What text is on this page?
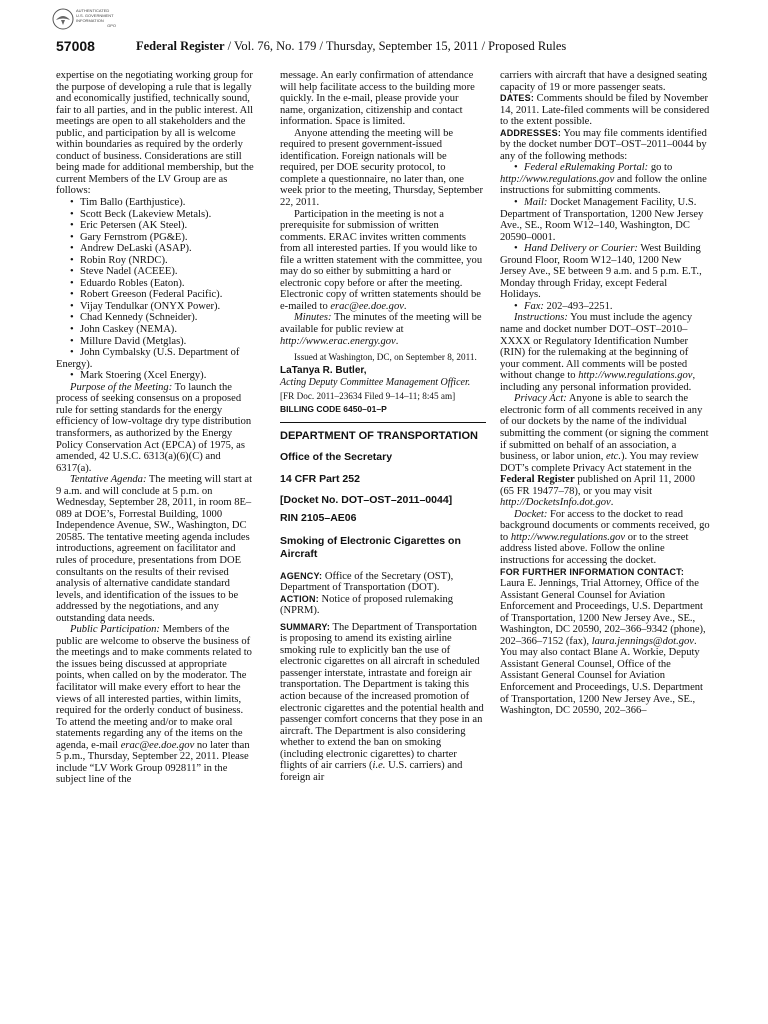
AUTHENTICATED
U.S. GOVERNMENT
INFORMATION
GPO
57008	Federal Register / Vol. 76, No. 179 / Thursday, September 15, 2011 / Proposed Rules

expertise on the negotiating working group for the purpose of developing a rule that is legally and economically justified, technically sound, fair to all parties, and in the public interest. All meetings are open to all stakeholders and the public, and participation by all is welcome within boundaries as required by the orderly conduct of business. Considerations are still being made for additional membership, but the current Members of the LV Group are as follows:

• Tim Ballo (Earthjustice).

• Scott Beck (Lakeview Metals).

• Eric Petersen (AK Steel).

• Gary Fernstrom (PG&E).

• Andrew DeLaski (ASAP).

• Robin Roy (NRDC).

• Steve Nadel (ACEEE).

• Eduardo Robles (Eaton).

• Robert Greeson (Federal Pacific).

• Vijay Tendulkar (ONYX Power).

• Chad Kennedy (Schneider).

• John Caskey (NEMA).

• Millure David (Metglas).

• John Cymbalsky (U.S. Department of Energy).

• Mark Stoering (Xcel Energy).

Purpose of the Meeting: To launch the process of seeking consensus on a proposed rule for setting standards for the energy efficiency of low-voltage dry type distribution transformers, as authorized by the Energy Policy Conservation Act (EPCA) of 1975, as amended, 42 U.S.C. 6313(a)(6)(C) and 6317(a).

Tentative Agenda: The meeting will start at 9 a.m. and will conclude at 5 p.m. on Wednesday, September 28, 2011, in room 8E–089 at DOE’s, Forrestal Building, 1000 Independence Avenue, SW., Washington, DC 20585. The tentative meeting agenda includes introductions, agreement on facilitator and rules of procedure, presentations from DOE consultants on the results of their revised analysis of alternative candidate standard levels, and identification of the issues to be addressed by the negotiations, and any outstanding data needs.

Public Participation: Members of the public are welcome to observe the business of the meetings and to make comments related to the issues being discussed at appropriate points, when called on by the moderator. The facilitator will make every effort to hear the views of all interested parties, within limits, required for the orderly conduct of business. To attend the meeting and/or to make oral statements regarding any of the items on the agenda, e-mail erac@ee.doe.gov no later than 5 p.m., Thursday, September 22, 2011. Please include “LV Work Group 092811” in the subject line of the

message. An early confirmation of attendance will help facilitate access to the building more quickly. In the e-mail, please provide your name, organization, citizenship and contact information. Space is limited.

Anyone attending the meeting will be required to present government-issued identification. Foreign nationals will be required, per DOE security protocol, to complete a questionnaire, no later than, one week prior to the meeting, Thursday, September 22, 2011.

Participation in the meeting is not a prerequisite for submission of written comments. ERAC invites written comments from all interested parties. If you would like to file a written statement with the committee, you may do so either by submitting a hard or electronic copy before or after the meeting. Electronic copy of written statements should be e-mailed to erac@ee.doe.gov.

Minutes: The minutes of the meeting will be available for public review at http://www.erac.energy.gov.

Issued at Washington, DC, on September 8, 2011.

LaTanya R. Butler,

Acting Deputy Committee Management Officer.

[FR Doc. 2011–23634 Filed 9–14–11; 8:45 am]

BILLING CODE 6450–01–P

DEPARTMENT OF TRANSPORTATION

Office of the Secretary

14 CFR Part 252

[Docket No. DOT–OST–2011–0044]

RIN 2105–AE06

Smoking of Electronic Cigarettes on Aircraft

AGENCY: Office of the Secretary (OST), Department of Transportation (DOT).

ACTION: Notice of proposed rulemaking (NPRM).

SUMMARY: The Department of Transportation is proposing to amend its existing airline smoking rule to explicitly ban the use of electronic cigarettes on all aircraft in scheduled passenger interstate, intrastate and foreign air transportation. The Department is taking this action because of the increased promotion of electronic cigarettes and the potential health and passenger comfort concerns that they pose in an aircraft. The Department is also considering whether to extend the ban on smoking (including electronic cigarettes) to charter flights of air carriers (i.e. U.S. carriers) and foreign air

carriers with aircraft that have a designed seating capacity of 19 or more passenger seats.

DATES: Comments should be filed by November 14, 2011. Late-filed comments will be considered to the extent possible.

ADDRESSES: You may file comments identified by the docket number DOT–OST–2011–0044 by any of the following methods:

• Federal eRulemaking Portal: go to http://www.regulations.gov and follow the online instructions for submitting comments.

• Mail: Docket Management Facility, U.S. Department of Transportation, 1200 New Jersey Ave., SE., Room W12–140, Washington, DC 20590–0001.

• Hand Delivery or Courier: West Building Ground Floor, Room W12–140, 1200 New Jersey Ave., SE between 9 a.m. and 5 p.m. E.T., Monday through Friday, except Federal Holidays.

• Fax: 202–493–2251.

Instructions: You must include the agency name and docket number DOT–OST–2010–XXXX or Regulatory Identification Number (RIN) for the rulemaking at the beginning of your comment. All comments will be posted without change to http://www.regulations.gov, including any personal information provided.

Privacy Act: Anyone is able to search the electronic form of all comments received in any of our dockets by the name of the individual submitting the comment (or signing the comment if submitted on behalf of an association, a business, or labor union, etc.). You may review DOT’s complete Privacy Act statement in the Federal Register published on April 11, 2000 (65 FR 19477–78), or you may visit http://DocketsInfo.dot.gov.

Docket: For access to the docket to read background documents or comments received, go to http://www.regulations.gov or to the street address listed above. Follow the online instructions for accessing the docket.

FOR FURTHER INFORMATION CONTACT:

Laura E. Jennings, Trial Attorney, Office of the Assistant General Counsel for Aviation Enforcement and Proceedings, U.S. Department of Transportation, 1200 New Jersey Ave., SE., Washington, DC 20590, 202–366–9342 (phone), 202–366–7152 (fax), laura.jennings@dot.gov. You may also contact Blane A. Workie, Deputy Assistant General Counsel, Office of the Assistant General Counsel for Aviation Enforcement and Proceedings, U.S. Department of Transportation, 1200 New Jersey Ave., SE., Washington, DC 20590, 202–366–
